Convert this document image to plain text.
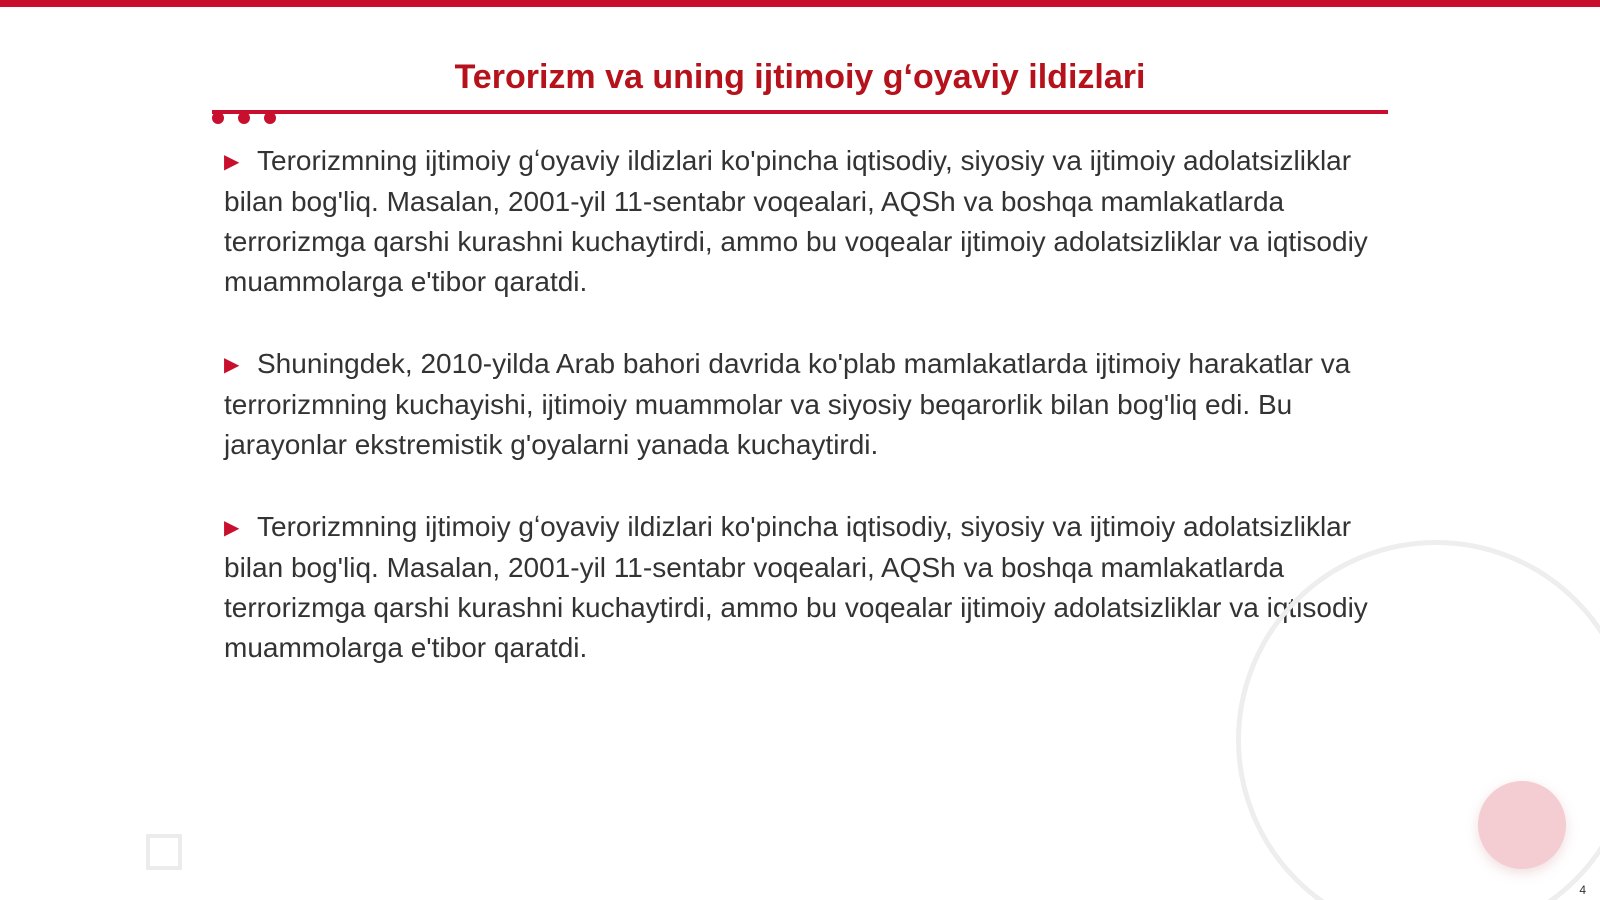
Terorizm va uning ijtimoiy gʻoyaviy ildizlari

▶ Terorizmning ijtimoiy gʻoyaviy ildizlari ko'pincha iqtisodiy, siyosiy va ijtimoiy adolatsizliklar bilan bog'liq. Masalan, 2001-yil 11-sentabr voqealari, AQSh va boshqa mamlakatlarda terrorizmga qarshi kurashni kuchaytirdi, ammo bu voqealar ijtimoiy adolatsizliklar va iqtisodiy muammolarga e'tibor qaratdi.

▶ Shuningdek, 2010-yilda Arab bahori davrida ko'plab mamlakatlarda ijtimoiy harakatlar va terrorizmning kuchayishi, ijtimoiy muammolar va siyosiy beqarorlik bilan bog'liq edi. Bu jarayonlar ekstremistik g'oyalarni yanada kuchaytirdi.

▶ Terorizmning ijtimoiy gʻoyaviy ildizlari ko'pincha iqtisodiy, siyosiy va ijtimoiy adolatsizliklar bilan bog'liq. Masalan, 2001-yil 11-sentabr voqealari, AQSh va boshqa mamlakatlarda terrorizmga qarshi kurashni kuchaytirdi, ammo bu voqealar ijtimoiy adolatsizliklar va iqtisodiy muammolarga e'tibor qaratdi.

4
